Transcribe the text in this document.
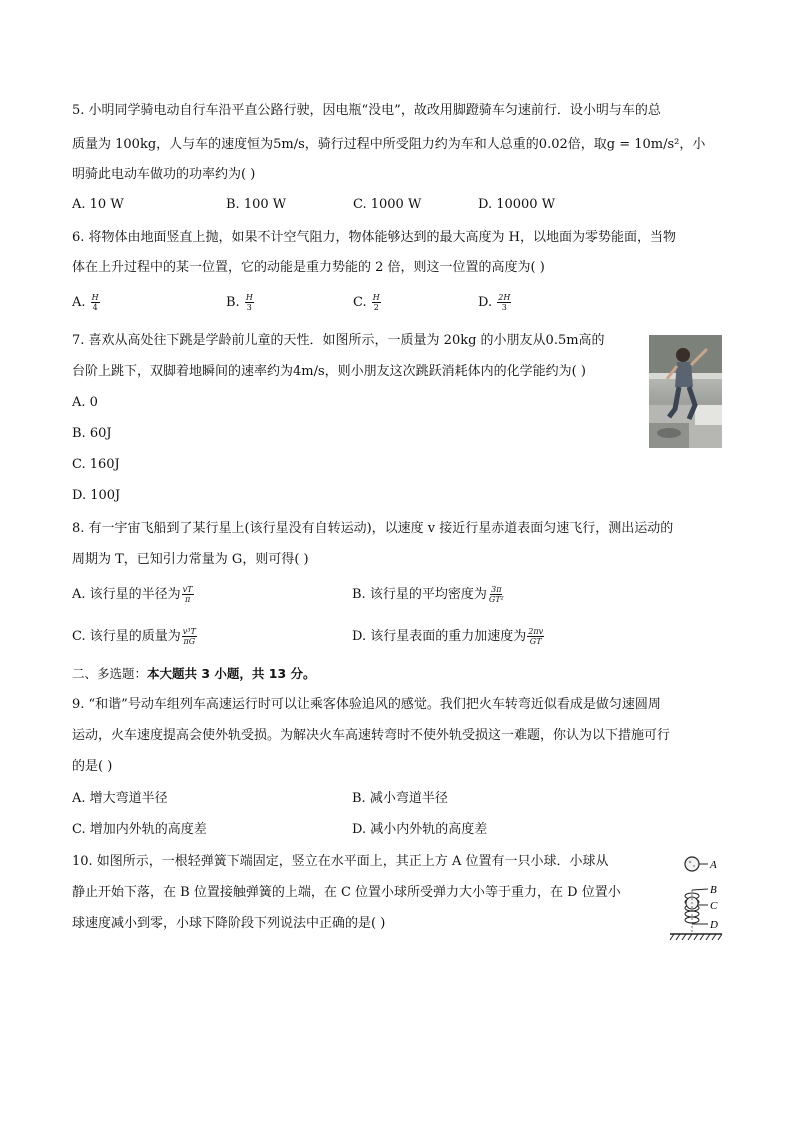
5. 小明同学骑电动自行车沿平直公路行驶，因电瓶“没电”，故改用脚蹬骑车匀速前行．设小明与车的总
质量为 100kg，人与车的速度恒为5m/s，骑行过程中所受阻力约为车和人总重的0.02倍，取g = 10m/s²，小
明骑此电动车做功的功率约为( )
A. 10 W	B. 100 W	C. 1000 W	D. 10000 W
6. 将物体由地面竖直上抛，如果不计空气阻力，物体能够达到的最大高度为 H，以地面为零势能面，当物
体在上升过程中的某一位置，它的动能是重力势能的 2 倍，则这一位置的高度为( )
A. $\frac{H}{4}$	B. $\frac{H}{3}$	C. $\frac{H}{2}$	D. $\frac{2H}{3}$
7. 喜欢从高处往下跳是学龄前儿童的天性．如图所示，一质量为 20kg 的小朋友从0.5m高的
台阶上跳下，双脚着地瞬间的速率约为4m/s，则小朋友这次跳跃消耗体内的化学能约为( )
A. 0
B. 60J
C. 160J
D. 100J
8. 有一宇宙飞船到了某行星上(该行星没有自转运动)，以速度 v 接近行星赤道表面匀速飞行，测出运动的
周期为 T，已知引力常量为 G，则可得( )
A. 该行星的半径为 $\frac{vT}{\pi}$	B. 该行星的平均密度为 $\frac{3\pi}{\text{GT²}}$
C. 该行星的质量为 $\frac{\text{v³T}}{\pi G}$	D. 该行星表面的重力加速度为 $\frac{2\pi v}{GT}$
二、多选题：本大题共 3 小题，共 13 分。
9. “和谐”号动车组列车高速运行时可以让乘客体验追风的感觉。我们把火车转弯近似看成是做匀速圆周
运动，火车速度提高会使外轨受损。为解决火车高速转弯时不使外轨受损这一难题，你认为以下措施可行
的是( )
A. 增大弯道半径	B. 减小弯道半径
C. 增加内外轨的高度差	D. 减小内外轨的高度差
10. 如图所示，一根轻弹簧下端固定，竖立在水平面上，其正上方 A 位置有一只小球．小球从
静止开始下落，在 B 位置接触弹簧的上端，在 C 位置小球所受弹力大小等于重力，在 D 位置小
球速度减小到零，小球下降阶段下列说法中正确的是( )
A
B
C
D
